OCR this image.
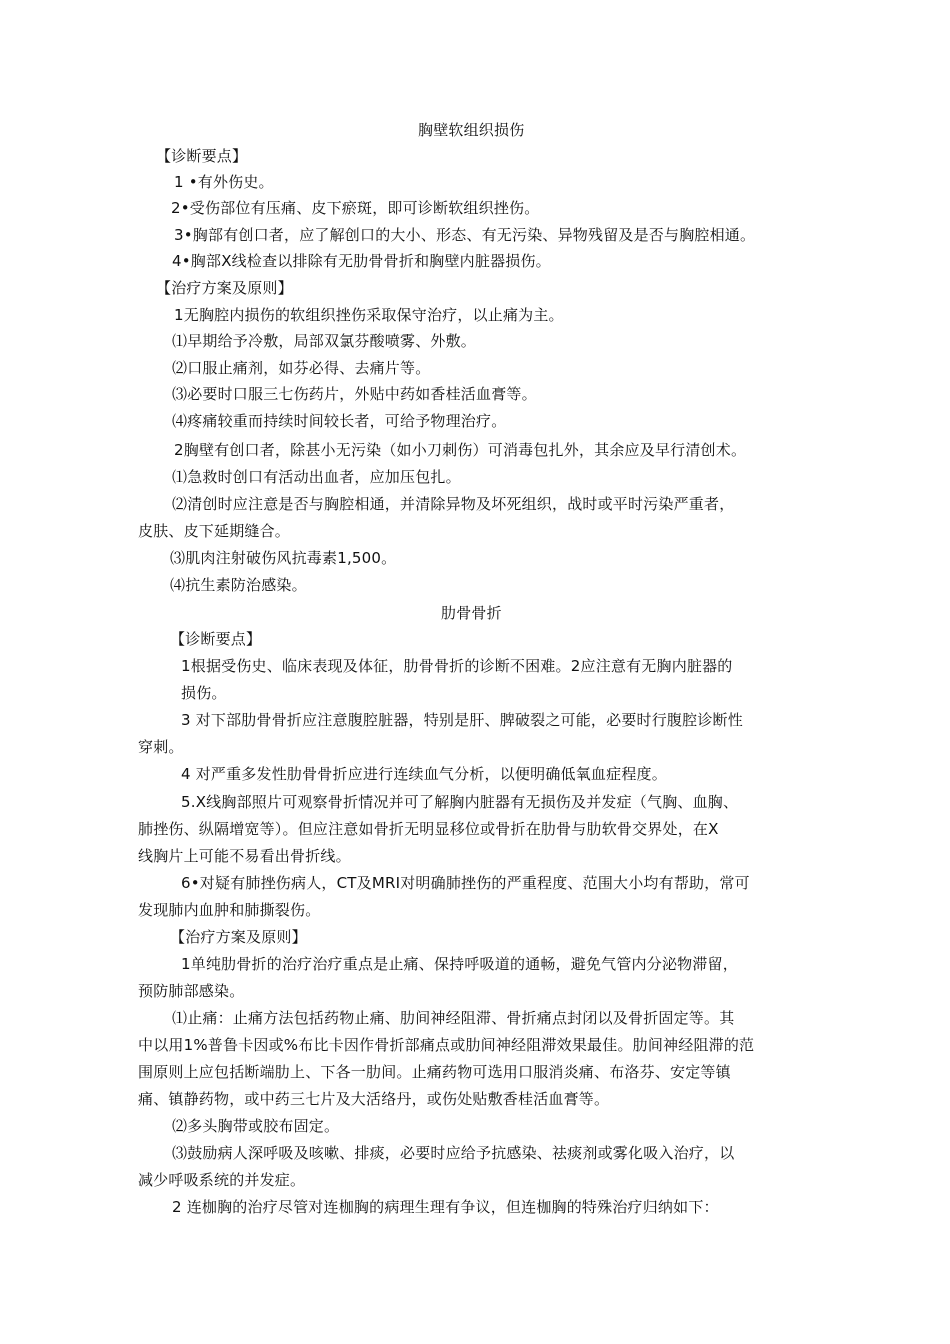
胸壁软组织损伤
【诊断要点】
1 •有外伤史。
2•受伤部位有压痛、皮下瘀斑，即可诊断软组织挫伤。
3•胸部有创口者，应了解创口的大小、形态、有无污染、异物残留及是否与胸腔相通。
4•胸部X线检查以排除有无肋骨骨折和胸壁内脏器损伤。
【治疗方案及原则】
1无胸腔内损伤的软组织挫伤采取保守治疗，以止痛为主。
⑴早期给予冷敷，局部双氯芬酸喷雾、外敷。
⑵口服止痛剂，如芬必得、去痛片等。
⑶必要时口服三七伤药片，外贴中药如香桂活血膏等。
⑷疼痛较重而持续时间较长者，可给予物理治疗。
2胸壁有创口者，除甚小无污染（如小刀刺伤）可消毒包扎外，其余应及早行清创术。
⑴急救时创口有活动出血者，应加压包扎。
⑵清创时应注意是否与胸腔相通，并清除异物及坏死组织，战时或平时污染严重者，
皮肤、皮下延期缝合。
⑶肌肉注射破伤风抗毒素1,500。
⑷抗生素防治感染。
肋骨骨折
【诊断要点】
1根据受伤史、临床表现及体征，肋骨骨折的诊断不困难。2应注意有无胸内脏器的
损伤。
3 对下部肋骨骨折应注意腹腔脏器，特别是肝、脾破裂之可能，必要时行腹腔诊断性
穿刺。
4 对严重多发性肋骨骨折应进行连续血气分析，以便明确低氧血症程度。
5.X线胸部照片可观察骨折情况并可了解胸内脏器有无损伤及并发症（气胸、血胸、
肺挫伤、纵隔增宽等）。但应注意如骨折无明显移位或骨折在肋骨与肋软骨交界处，在X
线胸片上可能不易看出骨折线。
6•对疑有肺挫伤病人，CT及MRI对明确肺挫伤的严重程度、范围大小均有帮助，常可
发现肺内血肿和肺撕裂伤。
【治疗方案及原则】
1单纯肋骨折的治疗治疗重点是止痛、保持呼吸道的通畅，避免气管内分泌物滞留，
预防肺部感染。
⑴止痛：止痛方法包括药物止痛、肋间神经阻滞、骨折痛点封闭以及骨折固定等。其
中以用1%普鲁卡因或%布比卡因作骨折部痛点或肋间神经阻滞效果最佳。肋间神经阻滞的范
围原则上应包括断端肋上、下各一肋间。止痛药物可选用口服消炎痛、布洛芬、安定等镇
痛、镇静药物，或中药三七片及大活络丹，或伤处贴敷香桂活血膏等。
⑵多头胸带或胶布固定。
⑶鼓励病人深呼吸及咳嗽、排痰，必要时应给予抗感染、祛痰剂或雾化吸入治疗，以
减少呼吸系统的并发症。
2 连枷胸的治疗尽管对连枷胸的病理生理有争议，但连枷胸的特殊治疗归纳如下：
